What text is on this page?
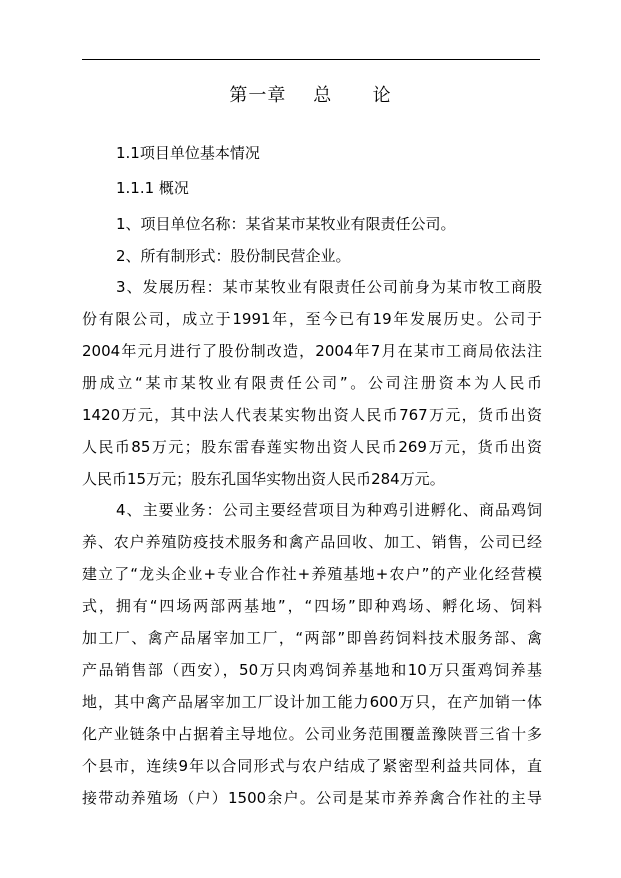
第一章    总      论
1.1项目单位基本情况
1.1.1 概况
1、项目单位名称：某省某市某牧业有限责任公司。
2、所有制形式：股份制民营企业。
3、发展历程：某市某牧业有限责任公司前身为某市牧工商股
份有限公司，成立于1991年，至今已有19年发展历史。公司于
2004年元月进行了股份制改造，2004年7月在某市工商局依法注
册成立“某市某牧业有限责任公司”。公司注册资本为人民币
1420万元，其中法人代表某实物出资人民币767万元，货币出资
人民币85万元；股东雷春莲实物出资人民币269万元，货币出资
人民币15万元；股东孔国华实物出资人民币284万元。
4、主要业务：公司主要经营项目为种鸡引进孵化、商品鸡饲
养、农户养殖防疫技术服务和禽产品回收、加工、销售，公司已经
建立了“龙头企业+专业合作社+养殖基地+农户”的产业化经营模
式，拥有“四场两部两基地”，“四场”即种鸡场、孵化场、饲料
加工厂、禽产品屠宰加工厂，“两部”即兽药饲料技术服务部、禽
产品销售部（西安），50万只肉鸡饲养基地和10万只蛋鸡饲养基
地，其中禽产品屠宰加工厂设计加工能力600万只，在产加销一体
化产业链条中占据着主导地位。公司业务范围覆盖豫陕晋三省十多
个县市，连续9年以合同形式与农户结成了紧密型利益共同体，直
接带动养殖场（户）1500余户。公司是某市养养禽合作社的主导
